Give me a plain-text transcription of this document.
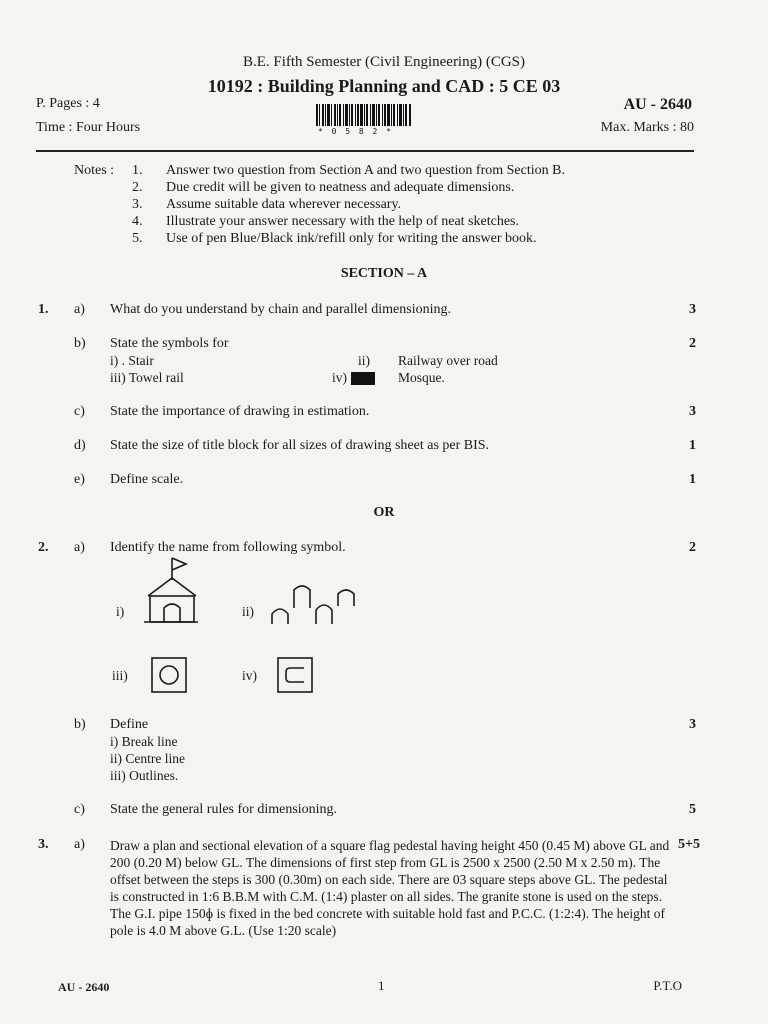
B.E. Fifth Semester (Civil Engineering) (CGS)
10192 : Building Planning and CAD : 5 CE 03
P. Pages : 4
Time : Four Hours
AU - 2640
Max. Marks : 80
* 0 5 8 2 *
Notes : 1. Answer two question from Section A and two question from Section B.
2. Due credit will be given to neatness and adequate dimensions.
3. Assume suitable data wherever necessary.
4. Illustrate your answer necessary with the help of neat sketches.
5. Use of pen Blue/Black ink/refill only for writing the answer book.
SECTION – A
1. a) What do you understand by chain and parallel dimensioning.	3
b) State the symbols for	2
i) . Stair	ii) Railway over road
iii) Towel rail	iv)	Mosque.
c) State the importance of drawing in estimation.	3
d) State the size of title block for all sizes of drawing sheet as per BIS.	1
e) Define scale.	1
OR
2. a) Identify the name from following symbol.	2
i)	ii)
iii)	iv)
b) Define	3
i) Break line
ii) Centre line
iii) Outlines.
c) State the general rules for dimensioning.	5
3. a) Draw a plan and sectional elevation of a square flag pedestal having height 450 (0.45 M) above GL and 200 (0.20 M) below GL. The dimensions of first step from GL is 2500 x 2500 (2.50 M x 2.50 m). The offset between the steps is 300 (0.30m) on each side. There are 03 square steps above GL. The pedestal is constructed in 1:6 B.B.M with C.M. (1:4) plaster on all sides. The granite stone is used on the steps. The G.I. pipe 150ɸ is fixed in the bed concrete with suitable hold fast and P.C.C. (1:2:4). The height of pole is 4.0 M above G.L. (Use 1:20 scale)
5+5
AU - 2640	1	P.T.O
